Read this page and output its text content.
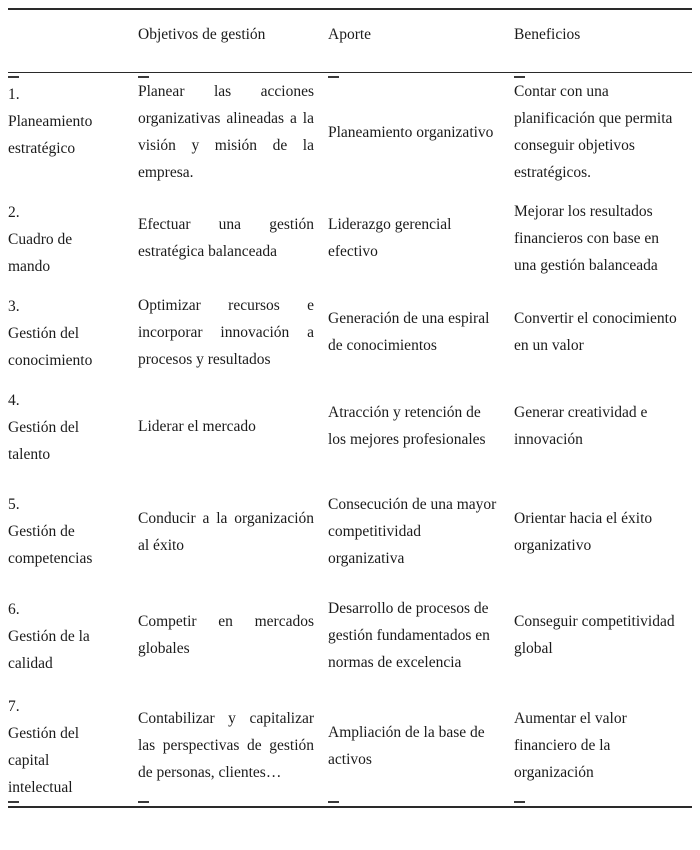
	Objetivos de gestión	Aporte	Beneficios

1.
Planeamiento estratégico	Planear las acciones organizativas alineadas a la visión y misión de la empresa.	Planeamiento organizativo	Contar con una planificación que permita conseguir objetivos estratégicos.

2.
Cuadro de mando	Efectuar una gestión estratégica balanceada	Liderazgo gerencial efectivo	Mejorar los resultados financieros con base en una gestión balanceada

3.
Gestión del conocimiento	Optimizar recursos e incorporar innovación a procesos y resultados	Generación de una espiral de conocimientos	Convertir el conocimiento en un valor

4.
Gestión del talento	Liderar el mercado	Atracción y retención de los mejores profesionales	Generar creatividad e innovación

5.
Gestión de competencias	Conducir a la organización al éxito	Consecución de una mayor competitividad organizativa	Orientar hacia el éxito organizativo

6.
Gestión de la calidad	Competir en mercados globales	Desarrollo de procesos de gestión fundamentados en normas de excelencia	Conseguir competitividad global

7.
Gestión del capital intelectual	Contabilizar y capitalizar las perspectivas de gestión de personas, clientes…	Ampliación de la base de activos	Aumentar el valor financiero de la organización
